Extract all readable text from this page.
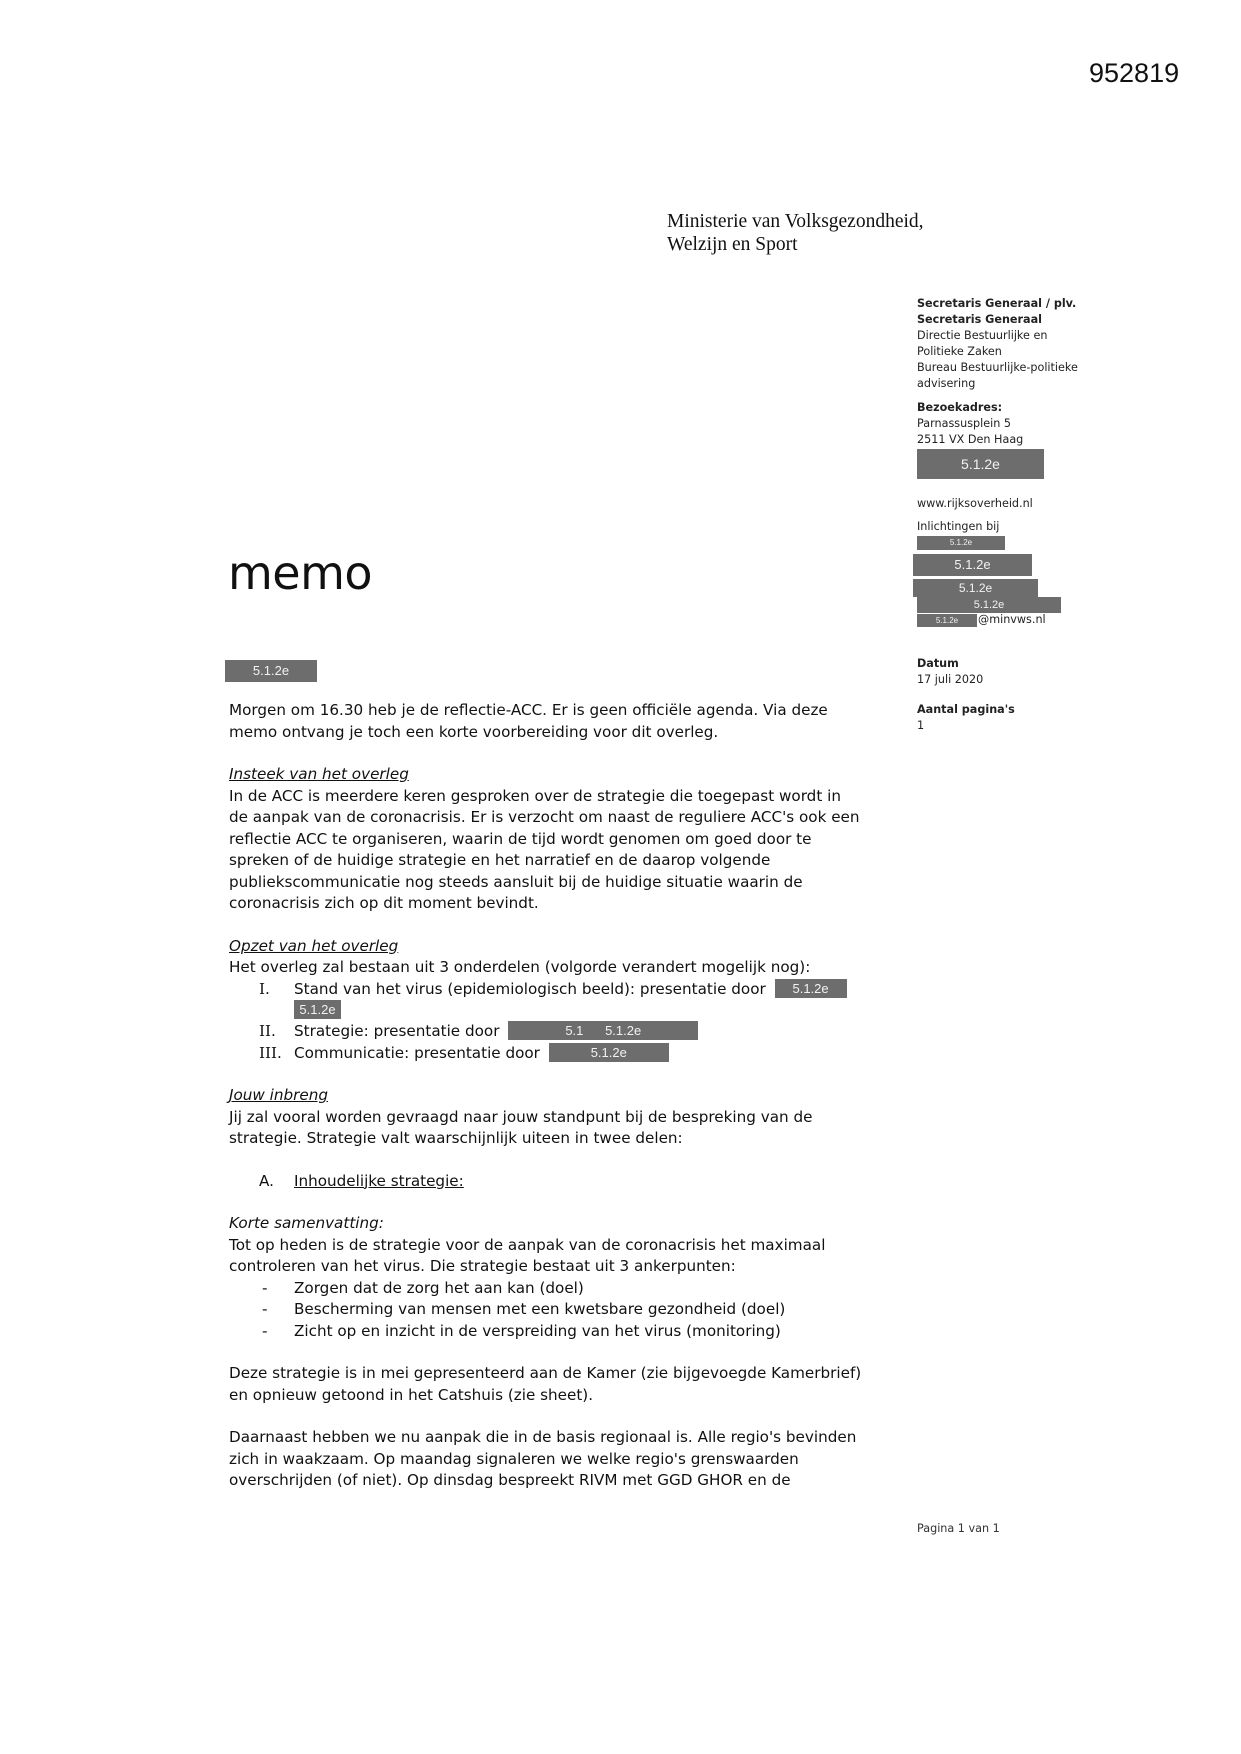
952819
Ministerie van Volksgezondheid,
Welzijn en Sport
Secretaris Generaal / plv.
Secretaris Generaal
Directie Bestuurlijke en
Politieke Zaken
Bureau Bestuurlijke-politieke
advisering
Bezoekadres:
Parnassusplein 5
2511 VX Den Haag
5.1.2e
www.rijksoverheid.nl
Inlichtingen bij
5.1.2e
5.1.2e
5.1.2e
5.1.2e
5.1.2e	@minvws.nl
Datum
17 juli 2020
Aantal pagina's
1
memo
5.1.2e

Morgen om 16.30 heb je de reflectie-ACC. Er is geen officiële agenda. Via deze

memo ontvang je toch een korte voorbereiding voor dit overleg.

Insteek van het overleg

In de ACC is meerdere keren gesproken over de strategie die toegepast wordt in

de aanpak van de coronacrisis. Er is verzocht om naast de reguliere ACC's ook een

reflectie ACC te organiseren, waarin de tijd wordt genomen om goed door te

spreken of de huidige strategie en het narratief en de daarop volgende

publiekscommunicatie nog steeds aansluit bij de huidige situatie waarin de

coronacrisis zich op dit moment bevindt.

Opzet van het overleg

Het overleg zal bestaan uit 3 onderdelen (volgorde verandert mogelijk nog):

I. Stand van het virus (epidemiologisch beeld): presentatie door 5.1.2e
5.1.2e
II. Strategie: presentatie door	5.1 5.1.2e
III. Communicatie: presentatie door	5.1.2e

Jouw inbreng

Jij zal vooral worden gevraagd naar jouw standpunt bij de bespreking van de

strategie. Strategie valt waarschijnlijk uiteen in twee delen:

A. Inhoudelijke strategie:

Korte samenvatting:

Tot op heden is de strategie voor de aanpak van de coronacrisis het maximaal

controleren van het virus. Die strategie bestaat uit 3 ankerpunten:

- Zorgen dat de zorg het aan kan (doel)
- Bescherming van mensen met een kwetsbare gezondheid (doel)
- Zicht op en inzicht in de verspreiding van het virus (monitoring)

Deze strategie is in mei gepresenteerd aan de Kamer (zie bijgevoegde Kamerbrief)

en opnieuw getoond in het Catshuis (zie sheet).

Daarnaast hebben we nu aanpak die in de basis regionaal is. Alle regio's bevinden

zich in waakzaam. Op maandag signaleren we welke regio's grenswaarden

overschrijden (of niet). Op dinsdag bespreekt RIVM met GGD GHOR en de

Pagina 1 van 1
